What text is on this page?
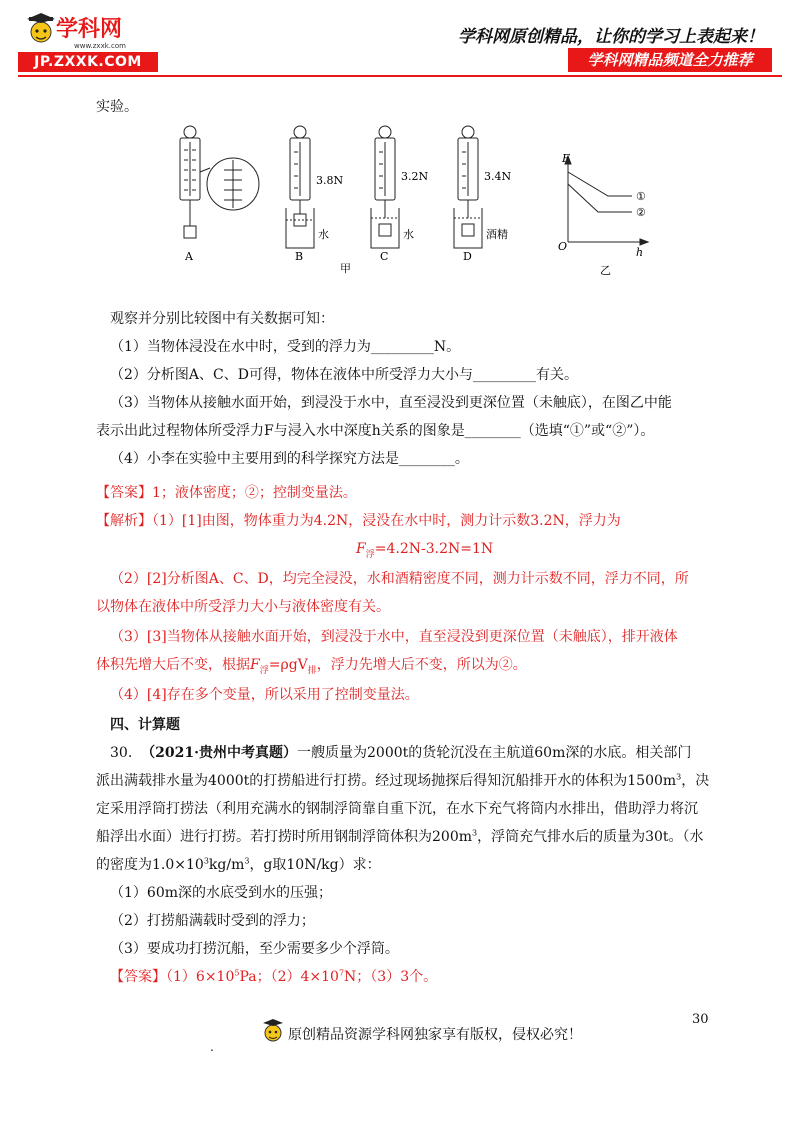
学科网
www.zxxk.com
JP.ZXXK.COM
学科网原创精品，让你的学习上表起来！
学科网精品频道全力推荐
实验。
3.8N	3.2N	3.4N
水	水	酒精
A	B	C	D
甲
F
h
O
①
②
乙
观察并分别比较图中有关数据可知：
（1）当物体浸没在水中时，受到的浮力为_________N。
（2）分析图A、C、D可得，物体在液体中所受浮力大小与_________有关。
（3）当物体从接触水面开始，到浸没于水中，直至浸没到更深位置（未触底），在图乙中能
表示出此过程物体所受浮力F与浸入水中深度h关系的图象是________（选填“①”或“②”）。
（4）小李在实验中主要用到的科学探究方法是________。
【答案】1；液体密度；②；控制变量法。
【解析】（1）[1]由图，物体重力为4.2N，浸没在水中时，测力计示数3.2N，浮力为
$F_浮=4.2N-3.2N=1N$
（2）[2]分析图A、C、D，均完全浸没，水和酒精密度不同，测力计示数不同，浮力不同，所
以物体在液体中所受浮力大小与液体密度有关。
（3）[3]当物体从接触水面开始，到浸没于水中，直至浸没到更深位置（未触底），排开液体
体积先增大后不变，根据$F_浮=\rho gV_排$，浮力先增大后不变，所以为②。
（4）[4]存在多个变量，所以采用了控制变量法。
四、计算题
30. （2021·贵州中考真题）一艘质量为2000t的货轮沉没在主航道60m深的水底。相关部门
派出满载排水量为4000t的打捞船进行打捞。经过现场抛探后得知沉船排开水的体积为$1500m^3$，决
定采用浮筒打捞法（利用充满水的钢制浮筒靠自重下沉，在水下充气将筒内水排出，借助浮力将沉
船浮出水面）进行打捞。若打捞时所用钢制浮筒体积为$200m^3$，浮筒充气排水后的质量为30t。（水
的密度为$1.0\times 10^3kg/m^3$，g取10N/kg）求：
（1）60m深的水底受到水的压强；
（2）打捞船满载时受到的浮力；
（3）要成功打捞沉船，至少需要多少个浮筒。
【答案】$(1)6\times 10^5Pa$；$(2)4\times 10^7N$；（3）3个。
30
.
原创精品资源学科网独家享有版权，侵权必究！
